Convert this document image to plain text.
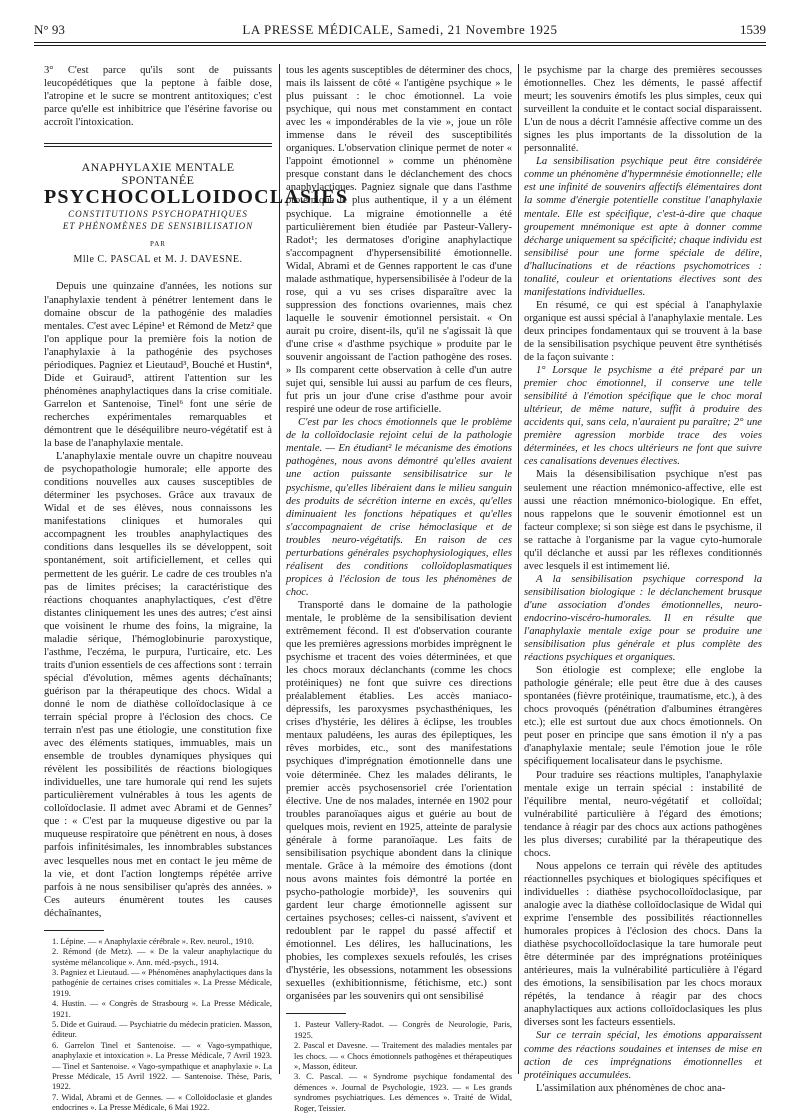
N° 93	LA PRESSE MÉDICALE, Samedi, 21 Novembre 1925	1539

3° C'est parce qu'ils sont de puissants leucopédétiques que la peptone à faible dose, l'atropine et le sucre se montrent antitoxiques; c'est parce qu'elle est inhibitrice que l'ésérine favorise ou accroît l'intoxication.

ANAPHYLAXIE MENTALE SPONTANÉE
PSYCHOCOLLOIDOCLASIES
CONSTITUTIONS PSYCHOPATHIQUES
ET PHÉNOMÈNES DE SENSIBILISATION
PAR
Mlle C. PASCAL et M. J. DAVESNE.

Depuis une quinzaine d'années, les notions sur l'anaphylaxie tendent à pénétrer lentement dans le domaine obscur de la pathogénie des maladies mentales. C'est avec Lépine¹ et Rémond de Metz² que l'on applique pour la première fois la notion de l'anaphylaxie à la pathogénie des psychoses périodiques. Pagniez et Lieutaud³, Bouché et Hustin⁴, Dide et Guiraud⁵, attirent l'attention sur les phénomènes anaphylactiques dans la crise comitiale. Garrelon et Santenoise, Tinel⁶ font une série de recherches expérimentales remarquables et démontrent que le déséquilibre neuro-végétatif est à la base de l'anaphylaxie mentale.

L'anaphylaxie mentale ouvre un chapitre nouveau de psychopathologie humorale; elle apporte des conditions nouvelles aux causes susceptibles de déterminer les psychoses. Grâce aux travaux de Widal et de ses élèves, nous connaissons les manifestations cliniques et humorales qui accompagnent les troubles anaphylactiques des conditions dans lesquelles ils se développent, soit spontanément, soit artificiellement, et celles qui permettent de les guérir. Le cadre de ces troubles n'a pas de limites précises; la caractéristique des réactions choquantes anaphylactiques, c'est d'être distantes cliniquement les unes des autres; c'est ainsi que voisinent le rhume des foins, la migraine, la maladie sérique, l'hémoglobinurie paroxystique, l'asthme, l'eczéma, le purpura, l'urticaire, etc. Les traits d'union essentiels de ces affections sont : terrain spécial d'évolution, mêmes agents déchaînants; guérison par la thérapeutique des chocs. Widal a donné le nom de diathèse colloïdoclasique à ce terrain spécial propre à l'éclosion des chocs. Ce terrain n'est pas une étiologie, une constitution fixe avec des éléments statiques, immuables, mais un ensemble de troubles dynamiques physiques qui révèlent les possibilités de réactions biologiques individuelles, une tare humorale qui rend les sujets particulièrement vulnérables à tous les agents de colloïdoclasie. Il admet avec Abrami et de Gennes⁷ que : « C'est par la muqueuse digestive ou par la muqueuse respiratoire que pénètrent en nous, à doses parfois infinitésimales, les innombrables substances avec lesquelles nous met en contact le jeu même de la vie, et dont l'action longtemps répétée arrive parfois à ne nous sensibiliser qu'après des années. » Ces auteurs énumèrent toutes les causes déchaînantes,

1. Lépine. — « Anaphylaxie cérébrale ». Rev. neurol., 1910.

2. Rémond (de Metz). — « De la valeur anaphylactique du système mélancolique ». Ann. méd.-psych., 1914.

3. Pagniez et Lieutaud. — « Phénomènes anaphylactiques dans la pathogénie de certaines crises comitiales ». La Presse Médicale, 1919.

4. Hustin. — « Congrès de Strasbourg ». La Presse Médicale, 1921.

5. Dide et Guiraud. — Psychiatrie du médecin praticien. Masson, éditeur.

6. Garrelon Tinel et Santenoise. — « Vago-sympathique, anaphylaxie et intoxication ». La Presse Médicale, 7 Avril 1923. — Tinel et Santenoise. « Vago-sympathique et anaphylaxie ». La Presse Médicale, 15 Avril 1922. — Santenoise. Thèse, Paris, 1922.

7. Widal, Abrami et de Gennes. — « Colloïdoclasie et glandes endocrines ». La Presse Médicale, 6 Mai 1922.

tous les agents susceptibles de déterminer des chocs, mais ils laissent de côté « l'antigène psychique » le plus puissant : le choc émotionnel. La voie psychique, qui nous met constamment en contact avec les « impondérables de la vie », joue un rôle immense dans le réveil des susceptibilités organiques. L'observation clinique permet de noter « l'appoint émotionnel » comme un phénomène presque constant dans le déclanchement des chocs anaphylactiques. Pagniez signale que dans l'asthme protéinique le plus authentique, il y a un élément psychique. La migraine émotionnelle a été particulièrement bien étudiée par Pasteur-Vallery-Radot¹; les dermatoses d'origine anaphylactique s'accompagnent d'hypersensibilité émotionnelle. Widal, Abrami et de Gennes rapportent le cas d'une malade asthmatique, hypersensibilisée à l'odeur de la rose, qui a vu ses crises disparaître avec la suppression des fonctions ovariennes, mais chez laquelle le souvenir émotionnel persistait. « On aurait pu croire, disent-ils, qu'il ne s'agissait là que d'une crise « d'asthme psychique » produite par le souvenir angoissant de l'action pathogène des roses. » Ils comparent cette observation à celle d'un autre sujet qui, sensible lui aussi au parfum de ces fleurs, fut pris un jour d'une crise d'asthme pour avoir respiré une odeur de rose artificielle.

C'est par les chocs émotionnels que le problème de la colloïdoclasie rejoint celui de la pathologie mentale. — En étudiant² le mécanisme des émotions pathogènes, nous avons démontré qu'elles avaient une action puissante sensibilisatrice sur le psychisme, qu'elles libéraient dans le milieu sanguin des produits de sécrétion interne en excès, qu'elles diminuaient les fonctions hépatiques et qu'elles s'accompagnaient de crise hémoclasique et de troubles neuro-végétatifs. En raison de ces perturbations générales psychophysiologiques, elles réalisent des conditions colloïdoplasmatiques propices à l'éclosion de tous les phénomènes de choc.

Transporté dans le domaine de la pathologie mentale, le problème de la sensibilisation devient extrêmement fécond. Il est d'observation courante que les premières agressions morbides imprègnent le psychisme et tracent des voies déterminées, et que les chocs moraux déclanchants (comme les chocs protéiniques) ne font que suivre ces directions préalablement établies. Les accès maniaco-dépressifs, les paroxysmes psychasthéniques, les crises d'hystérie, les délires à éclipse, les troubles mentaux paludéens, les auras des épileptiques, les rêves morbides, etc., sont des manifestations psychiques d'imprégnation émotionnelle dans une voie déterminée. Chez les malades délirants, le premier accès psychosensoriel crée l'orientation élective. Une de nos malades, internée en 1902 pour troubles paranoïaques aigus et guérie au bout de quelques mois, revient en 1925, atteinte de paralysie générale à forme paranoïaque. Les faits de sensibilisation psychique abondent dans la clinique mentale. Grâce à la mémoire des émotions (dont nous avons maintes fois démontré la portée en psycho-pathologie morbide)³, les souvenirs qui gardent leur charge émotionnelle agissent sur certaines psychoses; celles-ci naissent, s'avivent et redoublent par le rappel du passé affectif et émotionnel. Les délires, les hallucinations, les phobies, les complexes sexuels refoulés, les crises d'hystérie, les obsessions, notamment les obsessions sexuelles (exhibitionnisme, fétichisme, etc.) sont organisées par les souvenirs qui ont sensibilisé

1. Pasteur Vallery-Radot. — Congrès de Neurologie, Paris, 1925.

2. Pascal et Davesne. — Traitement des maladies mentales par les chocs. — « Chocs émotionnels pathogènes et thérapeutiques », Masson, éditeur.

3. C. Pascal. — « Syndrome psychique fondamental des démences ». Journal de Psychologie, 1923. — « Les grands syndromes psychiatriques. Les démences ». Traité de Widal, Roger, Teissier.

le psychisme par la charge des premières secousses émotionnelles. Chez les déments, le passé affectif meurt; les souvenirs émotifs les plus simples, ceux qui surveillent la conduite et le contact social disparaissent. L'un de nous a décrit l'amnésie affective comme un des signes les plus importants de la dissolution de la personnalité.

La sensibilisation psychique peut être considérée comme un phénomène d'hypermnésie émotionnelle; elle est une infinité de souvenirs affectifs élémentaires dont la somme d'énergie potentielle constitue l'anaphylaxie mentale. Elle est spécifique, c'est-à-dire que chaque groupement mnémonique est apte à donner comme décharge uniquement sa spécificité; chaque individu est sensibilisé pour une forme spéciale de délire, d'hallucinations et de réactions psychomotrices : tonalité, couleur et orientations électives sont des manifestations individuelles.

En résumé, ce qui est spécial à l'anaphylaxie organique est aussi spécial à l'anaphylaxie mentale. Les deux principes fondamentaux qui se trouvent à la base de la sensibilisation psychique peuvent être synthétisés de la façon suivante :

1° Lorsque le psychisme a été préparé par un premier choc émotionnel, il conserve une telle sensibilité à l'émotion spécifique que le choc moral ultérieur, de même nature, suffit à produire des accidents qui, sans cela, n'auraient pu paraître; 2° une première agression morbide trace des voies déterminées, et les chocs ultérieurs ne font que suivre ces canalisations devenues électives.

Mais la désensibilisation psychique n'est pas seulement une réaction mnémonico-affective, elle est aussi une réaction mnémonico-biologique. En effet, nous rappelons que le souvenir émotionnel est un facteur complexe; si son siège est dans le psychisme, il se rattache à l'organisme par la vague cyto-humorale qu'il déclanche et aussi par les réflexes conditionnés avec lesquels il est intimement lié.

A la sensibilisation psychique correspond la sensibilisation biologique : le déclanchement brusque d'une association d'ondes émotionnelles, neuro-endocrino-viscéro-humorales. Il en résulte que l'anaphylaxie mentale exige pour se produire une sensibilisation plus générale et plus complète des réactions psychiques et organiques.

Son étiologie est complexe; elle englobe la pathologie générale; elle peut être due à des causes spontanées (fièvre protéinique, traumatisme, etc.), à des chocs provoqués (pénétration d'albumines étrangères etc.); elle est surtout due aux chocs émotionnels. On peut poser en principe que sans émotion il n'y a pas d'anaphylaxie mentale; seule l'émotion joue le rôle spécifiquement localisateur dans le psychisme.

Pour traduire ses réactions multiples, l'anaphylaxie mentale exige un terrain spécial : instabilité de l'équilibre mental, neuro-végétatif et colloïdal; vulnérabilité particulière à l'égard des émotions; tendance à réagir par des chocs aux actions pathogènes les plus diverses; curabilité par la thérapeutique des chocs.

Nous appelons ce terrain qui révèle des aptitudes réactionnelles psychiques et biologiques spécifiques et individuelles : diathèse psychocolloïdoclasique, par analogie avec la diathèse colloïdoclasique de Widal qui exprime l'ensemble des possibilités réactionnelles humorales propices à l'éclosion des chocs. Dans la diathèse psychocolloïdoclasique la tare humorale peut être déterminée par des imprégnations protéiniques antérieures, mais la vulnérabilité particulière à l'égard des émotions, la sensibilisation par les chocs moraux répétés, la tendance à réagir par des chocs anaphylactiques aux actions colloïdoclasiques les plus diverses sont les facteurs essentiels.

Sur ce terrain spécial, les émotions apparaissent comme des réactions soudaines et intenses de mise en action de ces imprégnations émotionnelles et protéiniques accumulées.

L'assimilation aux phénomènes de choc ana-
